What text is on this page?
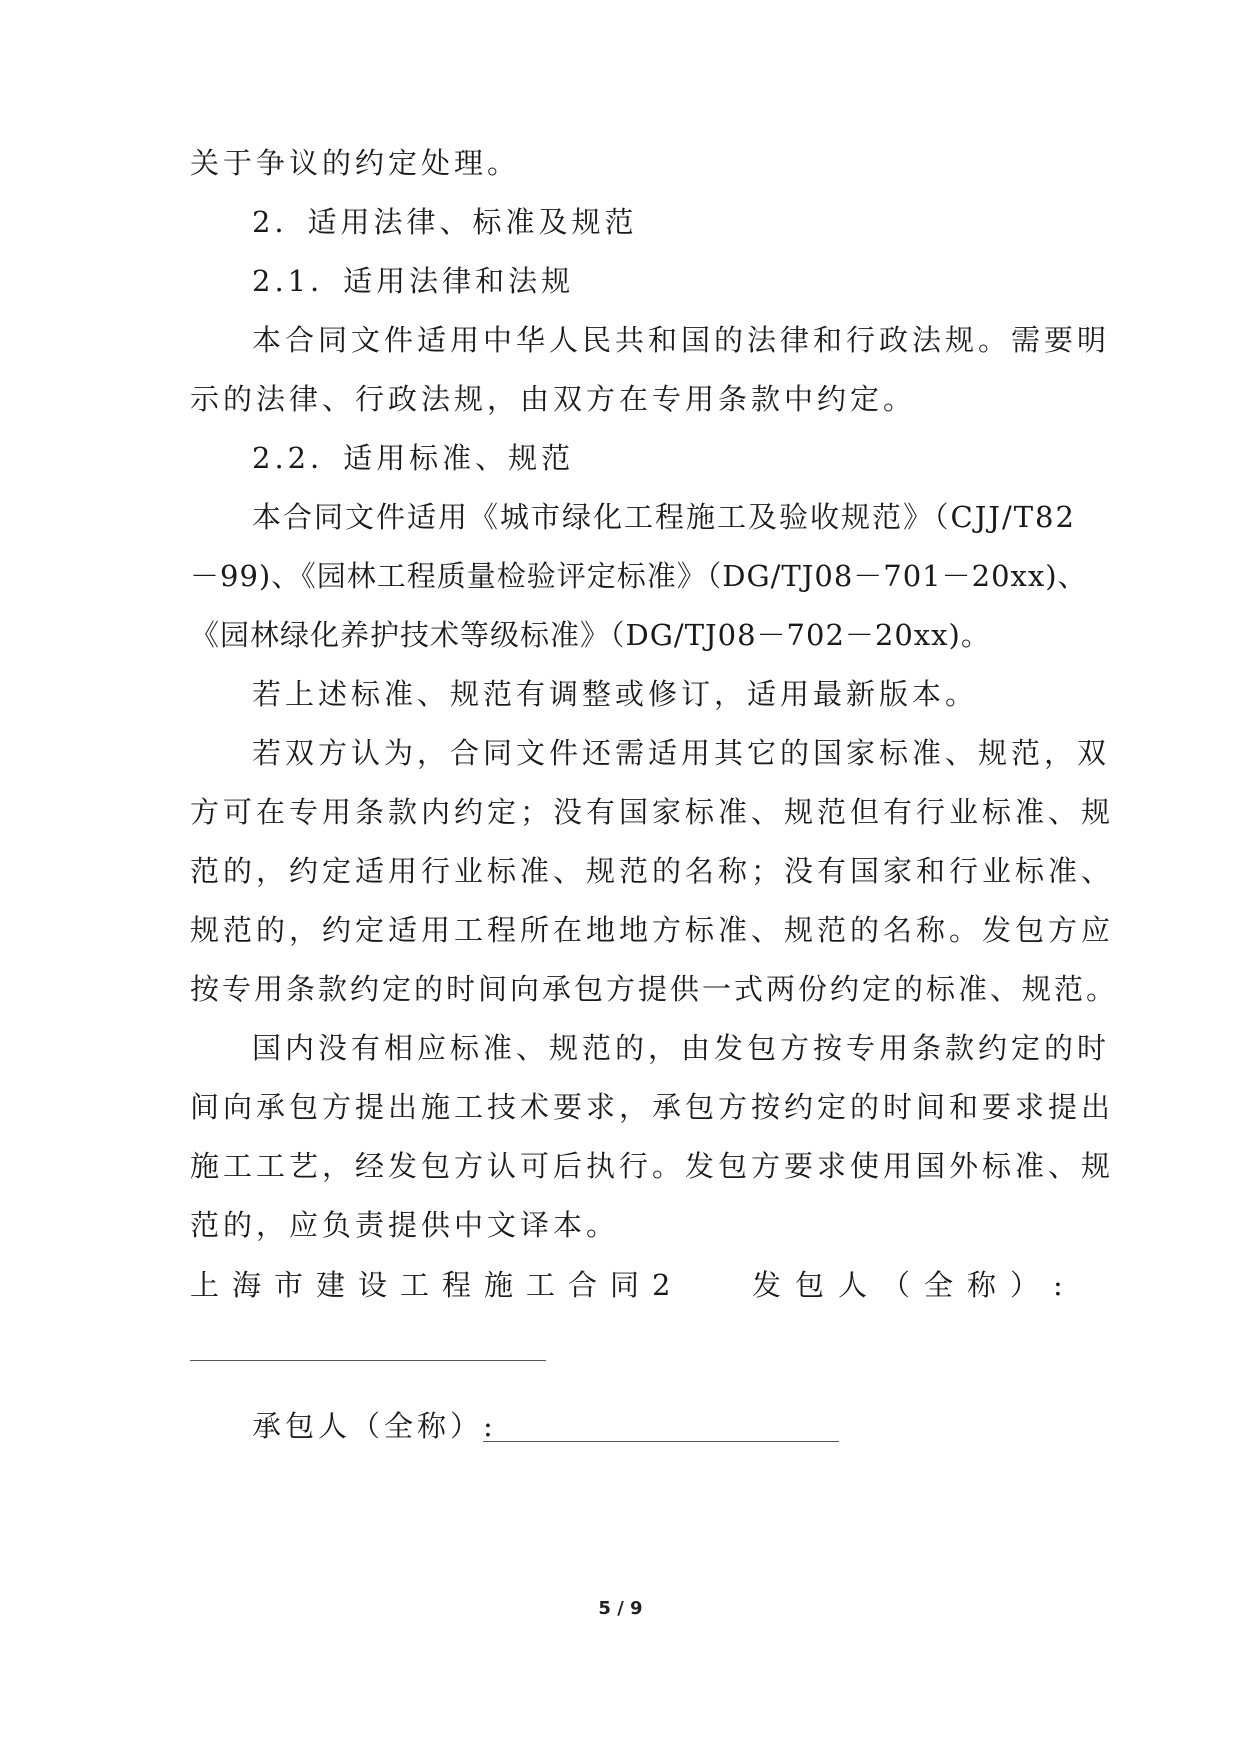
关于争议的约定处理。
2．适用法律、标准及规范
2.1．适用法律和法规
本合同文件适用中华人民共和国的法律和行政法规。需要明
示的法律、行政法规，由双方在专用条款中约定。
2.2．适用标准、规范
本合同文件适用《城市绿化工程施工及验收规范》（CJJ/T82
－99)、《园林工程质量检验评定标准》（DG/TJ08－701－20xx)、
《园林绿化养护技术等级标准》（DG/TJ08－702－20xx)。
若上述标准、规范有调整或修订，适用最新版本。
若双方认为，合同文件还需适用其它的国家标准、规范，双
方可在专用条款内约定；没有国家标准、规范但有行业标准、规
范的，约定适用行业标准、规范的名称；没有国家和行业标准、
规范的，约定适用工程所在地地方标准、规范的名称。发包方应
按专用条款约定的时间向承包方提供一式两份约定的标准、规范。
国内没有相应标准、规范的，由发包方按专用条款约定的时
间向承包方提出施工技术要求，承包方按约定的时间和要求提出
施工工艺，经发包方认可后执行。发包方要求使用国外标准、规
范的，应负责提供中文译本。
上海市建设工程施工合同2 发包人（全称）:
承包人（全称）:
5 / 9
